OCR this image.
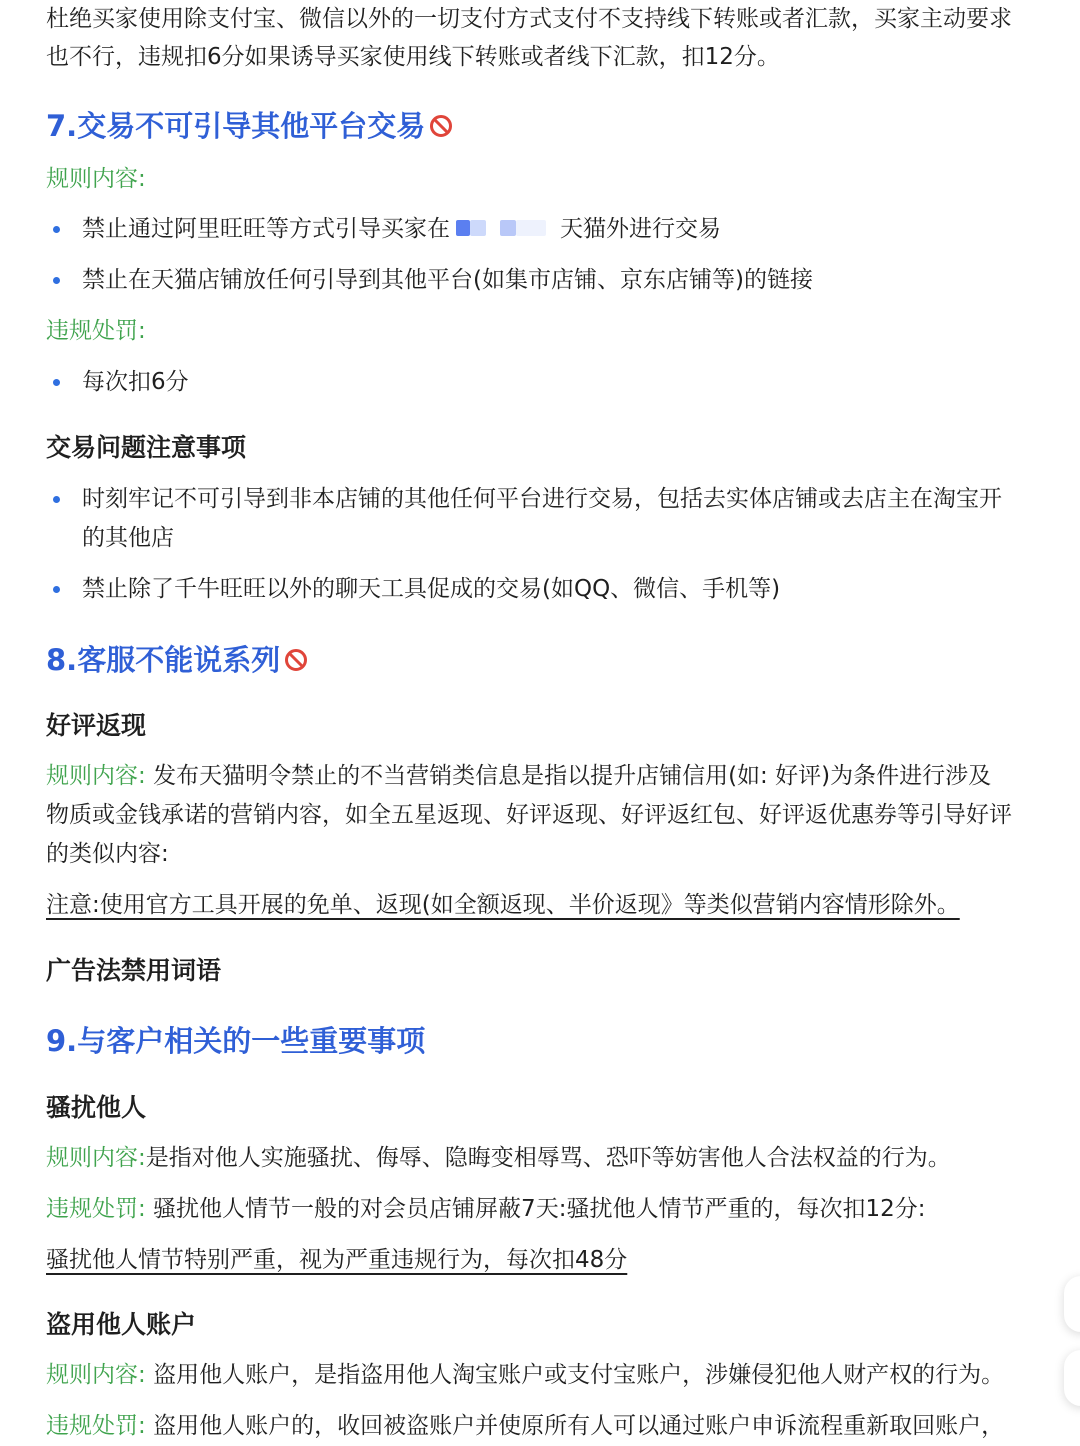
杜绝买家使用除支付宝、微信以外的一切支付方式支付不支持线下转账或者汇款，买家主动要求

也不行，违规扣6分如果诱导买家使用线下转账或者线下汇款，扣12分。

7.交易不可引导其他平台交易

规则内容:

禁止通过阿里旺旺等方式引导买家在	天猫外进行交易
禁止在天猫店铺放任何引导到其他平台(如集市店铺、京东店铺等)的链接

违规处罚:

每次扣6分
交易问题注意事项
时刻牢记不可引导到非本店铺的其他任何平台进行交易，包括去实体店铺或去店主在淘宝开
的其他店
禁止除了千牛旺旺以外的聊天工具促成的交易(如QQ、微信、手机等)
8.客服不能说系列
好评返现

规则内容: 发布天猫明令禁止的不当营销类信息是指以提升店铺信用(如: 好评)为条件进行涉及

物质或金钱承诺的营销内容，如全五星返现、好评返现、好评返红包、好评返优惠券等引导好评

的类似内容:

注意:使用官方工具开展的免单、返现(如全额返现、半价返现》等类似营销内容情形除外。

广告法禁用词语
9.与客户相关的一些重要事项
骚扰他人

规则内容:是指对他人实施骚扰、侮辱、隐晦变相辱骂、恐吓等妨害他人合法权益的行为。

违规处罚: 骚扰他人情节一般的对会员店铺屏蔽7天:骚扰他人情节严重的，每次扣12分:

骚扰他人情节特别严重，视为严重违规行为，每次扣48分

盗用他人账户

规则内容: 盗用他人账户，是指盗用他人淘宝账户或支付宝账户，涉嫌侵犯他人财产权的行为。

违规处罚: 盗用他人账户的，收回被盗账户并使原所有人可以通过账户申诉流程重新取回账户，
